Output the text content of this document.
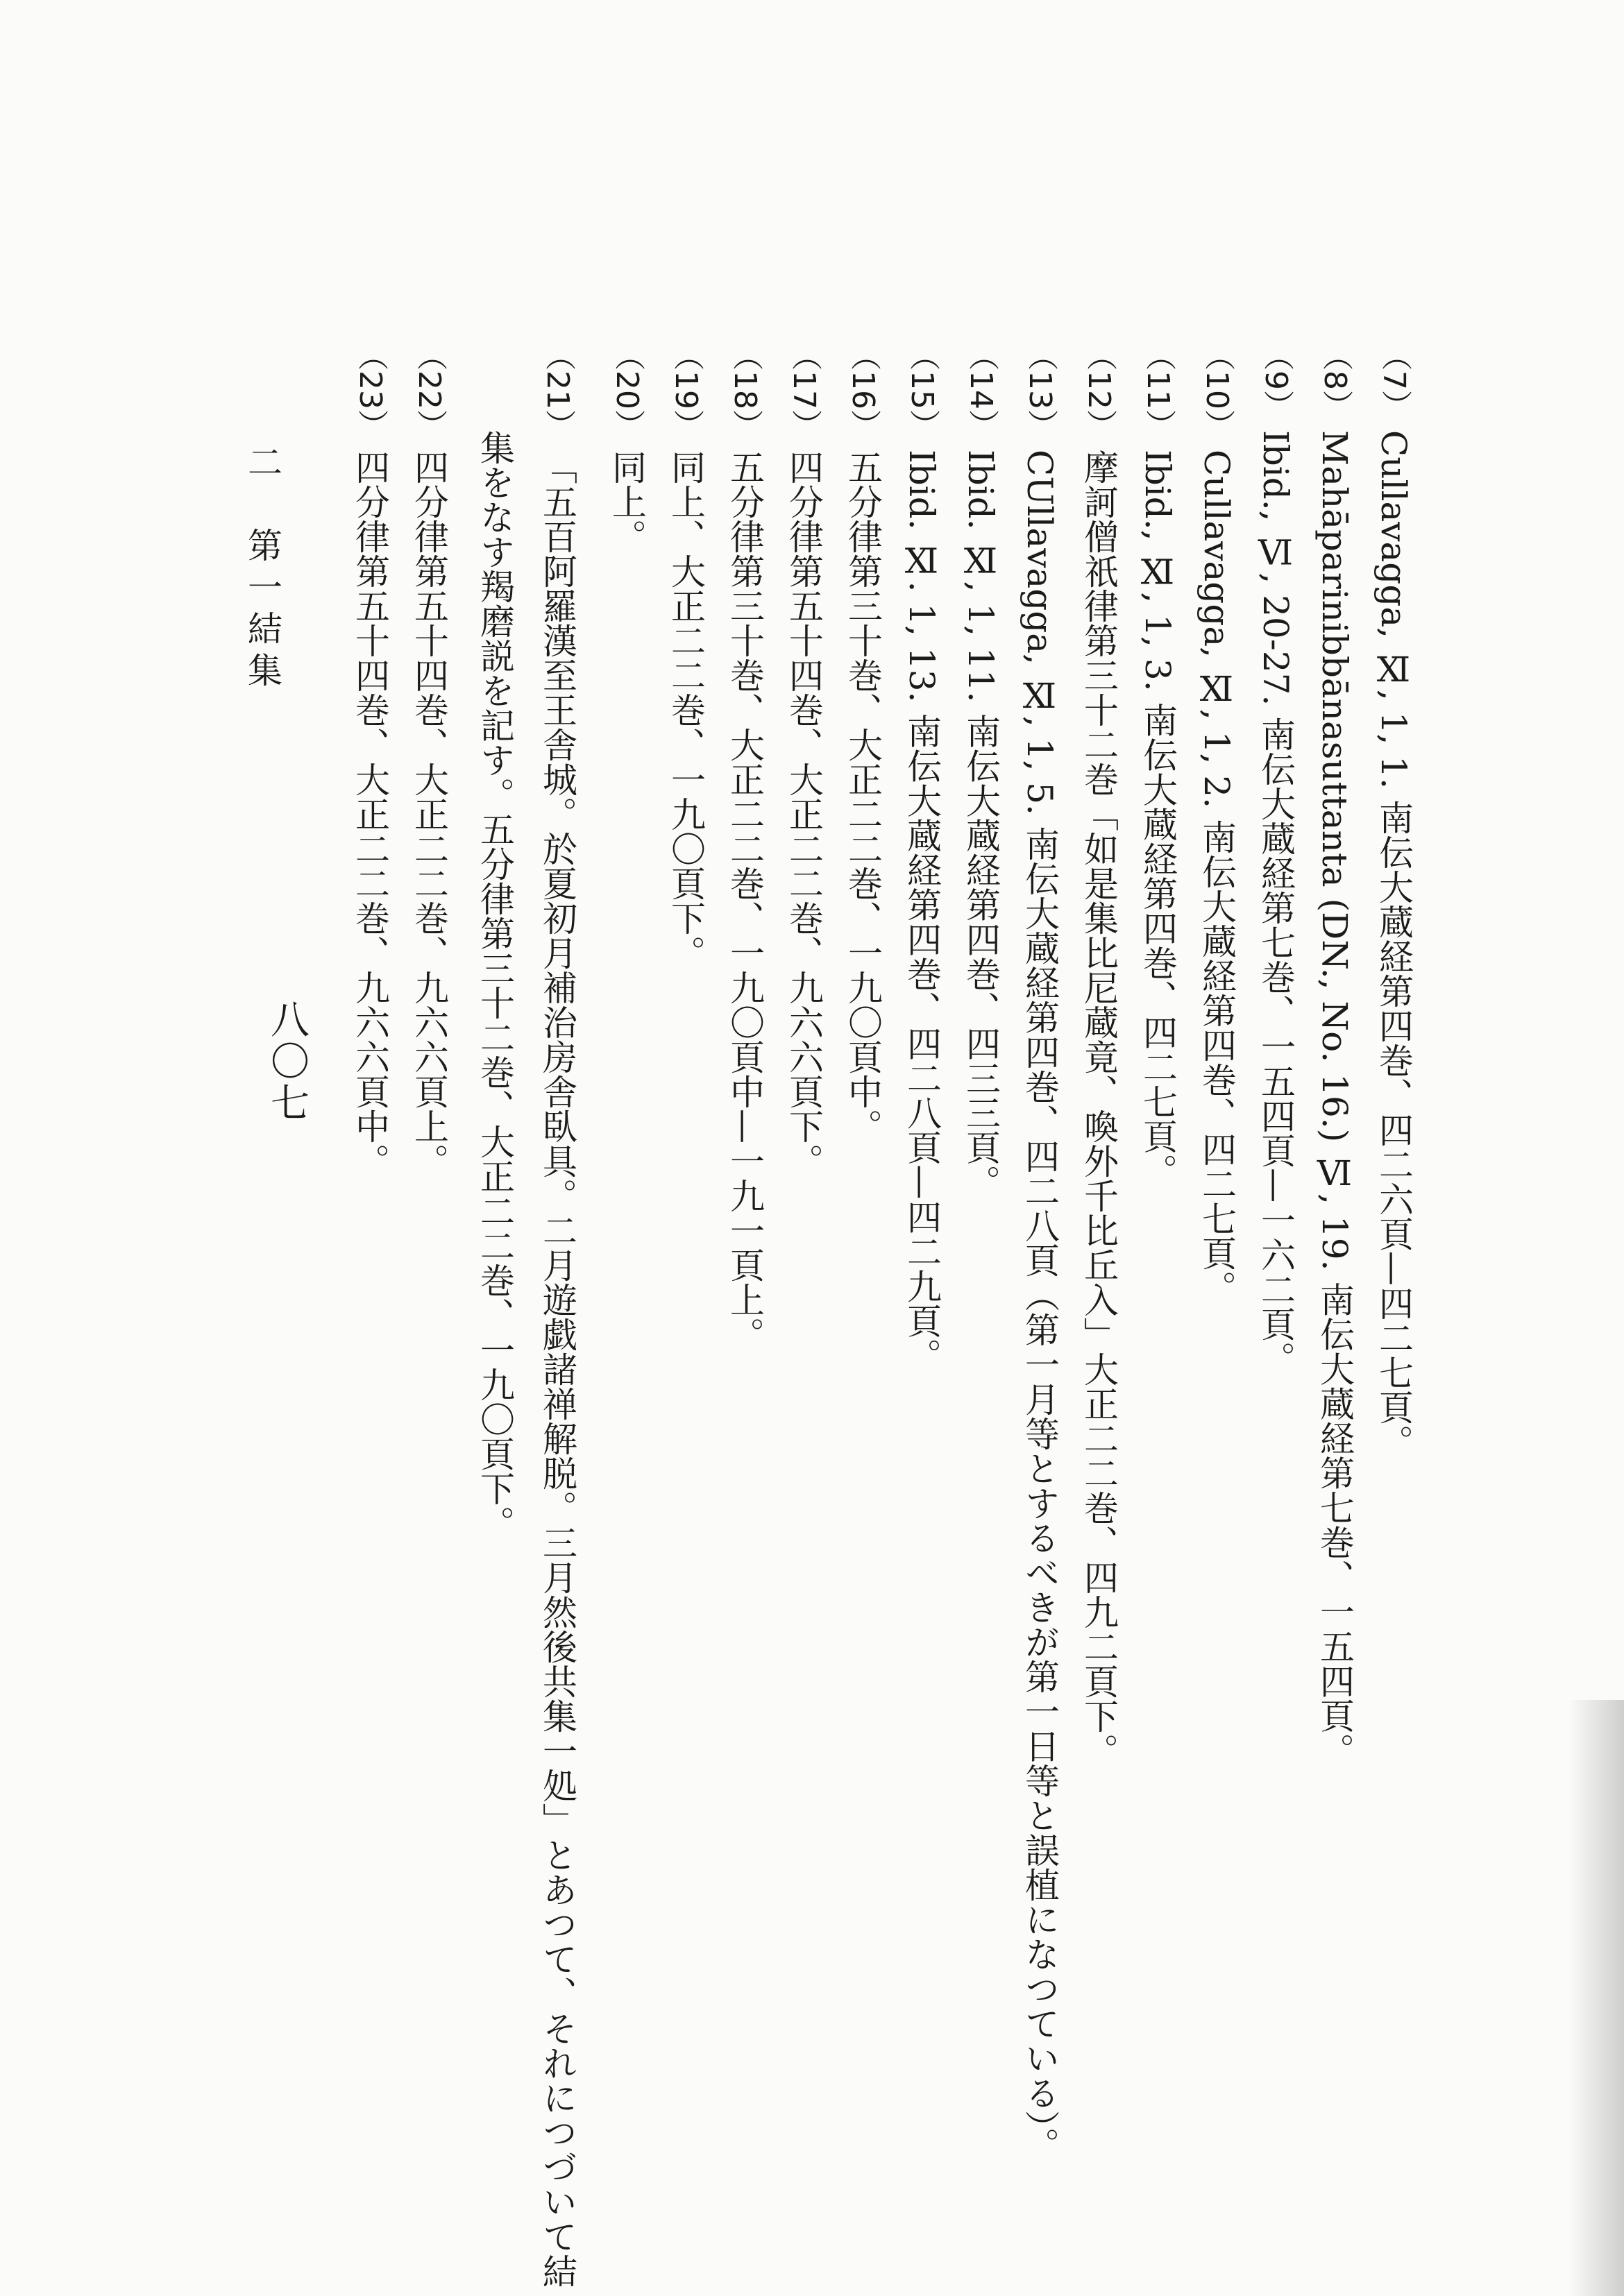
八〇七
（7）Cullavagga, Ⅺ, 1, 1. 南伝大蔵経第四巻、四二六頁—四二七頁。
（8）Mahāparinibbānasuttanta (DN., No. 16.) Ⅵ, 19. 南伝大蔵経第七巻、一五四頁。
（9）Ibid., Ⅵ, 20-27. 南伝大蔵経第七巻、一五四頁—一六二頁。
（10）Cullavagga, Ⅺ, 1, 2. 南伝大蔵経第四巻、四二七頁。
（11）Ibid., Ⅺ, 1, 3. 南伝大蔵経第四巻、四二七頁。
（12）摩訶僧祇律第三十二巻「如是集比尼蔵竟、喚外千比丘入」大正二二巻、四九二頁下。
（13）CUllavagga, Ⅺ, 1, 5. 南伝大蔵経第四巻、四二八頁（第一月等とするべきが第一日等と誤植になつている）。
（14）Ibid. Ⅺ, 1, 11. 南伝大蔵経第四巻、四三三頁。
（15）Ibid. Ⅺ. 1, 13. 南伝大蔵経第四巻、四二八頁—四二九頁。
（16）五分律第三十巻、大正二二巻、一九〇頁中。
（17）四分律第五十四巻、大正二二巻、九六六頁下。
（18）五分律第三十巻、大正二二巻、一九〇頁中—一九一頁上。
（19）同上、大正二二巻、一九〇頁下。
（20）同上。
（21）「五百阿羅漢至王舎城。於夏初月補治房舎臥具。二月遊戯諸禅解脱。三月然後共集一処」とあつて、それにつづいて結
集をなす羯磨説を記す。五分律第三十二巻、大正二二巻、一九〇頁下。
（22）四分律第五十四巻、大正二二巻、九六六頁上。
（23）四分律第五十四巻、大正二二巻、九六六頁中。
二　第一結集
